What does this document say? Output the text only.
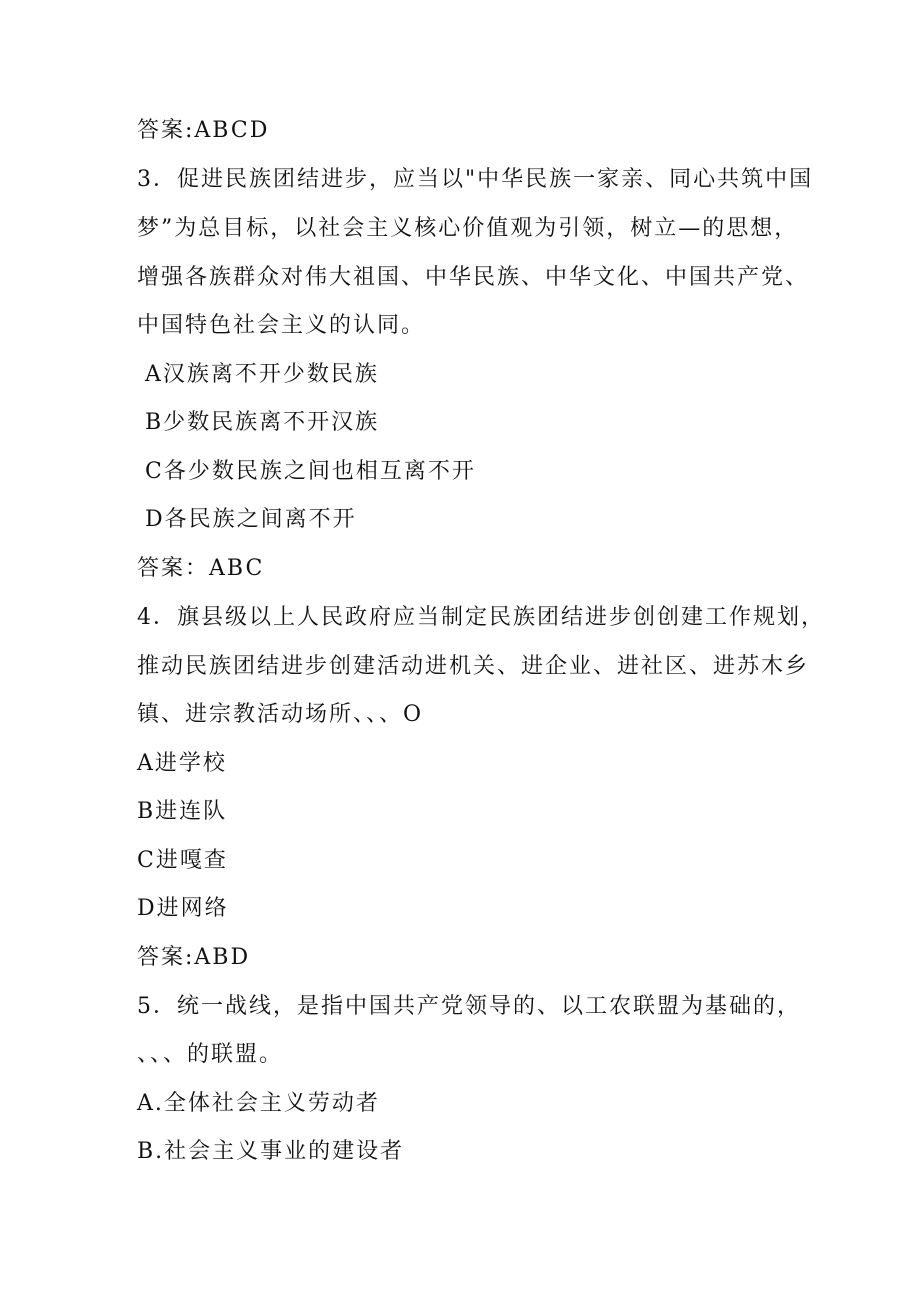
答案:ABCD
3．促进民族团结进步，应当以"中华民族一家亲、同心共筑中国
梦”为总目标，以社会主义核心价值观为引领，树立—的思想，
增强各族群众对伟大祖国、中华民族、中华文化、中国共产党、
中国特色社会主义的认同。
A汉族离不开少数民族
B少数民族离不开汉族
C各少数民族之间也相互离不开
D各民族之间离不开
答案：ABC
4．旗县级以上人民政府应当制定民族团结进步创创建工作规划，
推动民族团结进步创建活动进机关、进企业、进社区、进苏木乡
镇、进宗教活动场所、、、O
A进学校
B进连队
C进嘎查
D进网络
答案:ABD
5．统一战线，是指中国共产党领导的、以工农联盟为基础的，
、、、的联盟。
A.全体社会主义劳动者
B.社会主义事业的建设者
